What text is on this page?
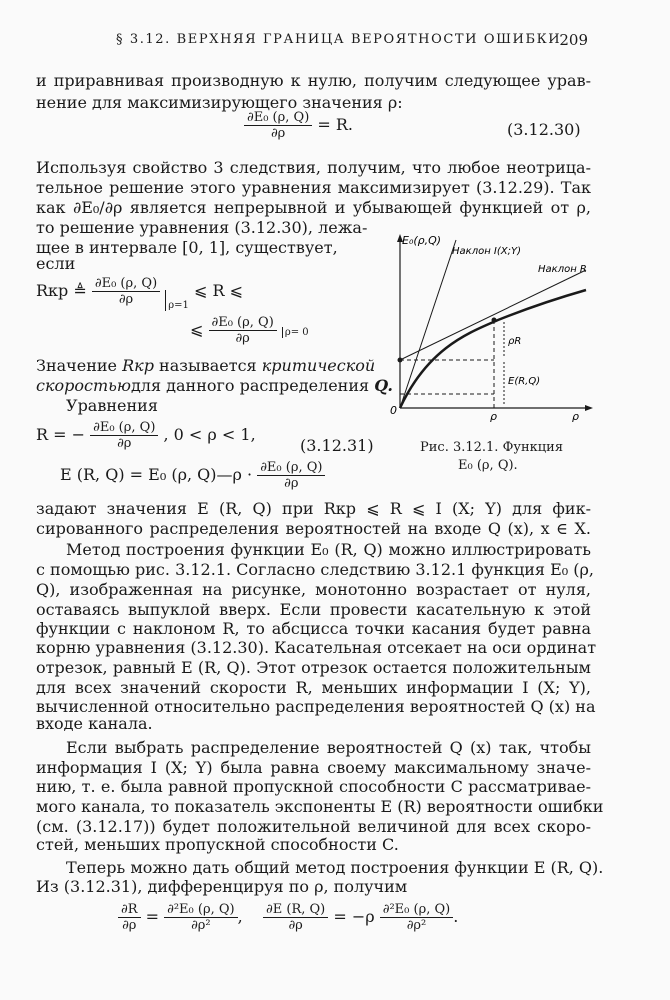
§ 3.12. ВЕРХНЯЯ ГРАНИЦА ВЕРОЯТНОСТИ ОШИБКИ
209
и приравнивая производную к нулю, получим следующее урав-
нение для максимизирующего значения ρ:
$\frac{\text{∂E₀ (ρ, Q)}}{\partial\rho} = R$.	(3.12.30)
Используя свойство 3 следствия, получим, что любое неотрица-
тельное решение этого уравнения максимизирует (3.12.29). Так
как ∂E₀/∂ρ является непрерывной и убывающей функцией от ρ,
то решение уравнения (3.12.30), лежа-
щее в интервале [0, 1], существует,
если
Rкр ≜ $\frac{\text{∂E₀ (ρ, Q)}}{\partial\rho} _{\rho=1}$ ⩽ R ⩽
⩽ $\frac{\text{∂E₀ (ρ, Q)}}{\partial\rho} \rho= 0$
Значение Rкр называется критической
скоростьюдля данного распределения Q.
Уравнения
R = − $\frac{\text{∂E₀ (ρ, Q)}}{\partial\rho}$ , 0 < ρ < 1,
(3.12.31)
E (R, Q) = E₀ (ρ, Q)—ρ · $\frac{\text{∂E₀ (ρ, Q)}}{\partial\rho}$
E₀(ρ,Q)
Наклон I(X;Y)
Наклон R
ρR
E(R,Q)
0	ρ	ρ
Рис. 3.12.1. Функция
E₀ (ρ, Q).
задают значения E (R, Q) при Rкр ⩽ R ⩽ I (X; Y) для фик-
сированного распределения вероятностей на входе Q (x), x ∈ X.
Метод построения функции E₀ (R, Q) можно иллюстрировать
с помощью рис. 3.12.1. Согласно следствию 3.12.1 функция E₀ (ρ,
Q), изображенная на рисунке, монотонно возрастает от нуля,
оставаясь выпуклой вверх. Если провести касательную к этой
функции с наклоном R, то абсцисса точки касания будет равна
корню уравнения (3.12.30). Касательная отсекает на оси ординат
отрезок, равный E (R, Q). Этот отрезок остается положительным
для всех значений скорости R, меньших информации I (X; Y),
вычисленной относительно распределения вероятностей Q (x) на
входе канала.
Если выбрать распределение вероятностей Q (x) так, чтобы
информация I (X; Y) была равна своему максимальному значе-
нию, т. е. была равной пропускной способности C рассматривае-
мого канала, то показатель экспоненты E (R) вероятности ошибки
(см. (3.12.17)) будет положительной величиной для всех скоро-
стей, меньших пропускной способности C.
Теперь можно дать общий метод построения функции E (R, Q).
Из (3.12.31), дифференцируя по ρ, получим
$\frac{\partial R}{\partial\rho} = \frac{\text{∂²E₀ (ρ, Q)}}{\text{∂ρ²}}$ , $\frac{\partial E (R, Q)}{\partial\rho} = -\rho \frac{\text{∂²E₀ (ρ, Q)}}{\text{∂ρ²}}$ .
